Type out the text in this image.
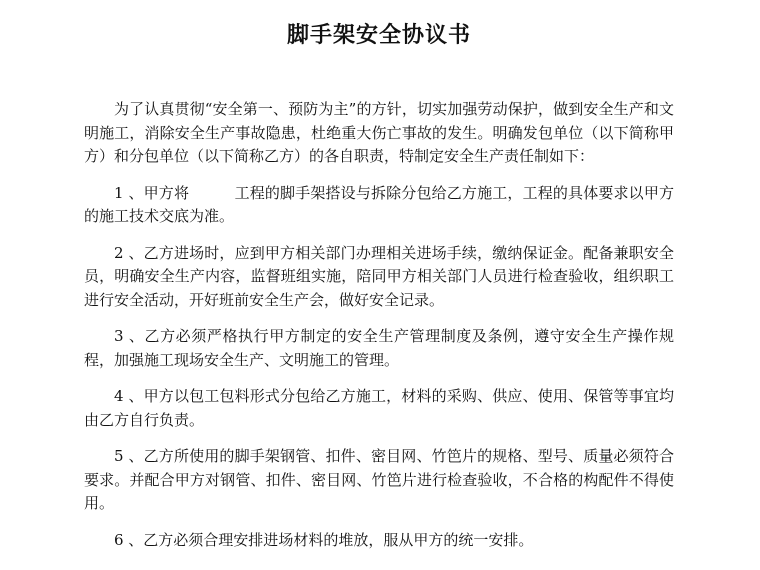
脚手架安全协议书

为了认真贯彻“安全第一、预防为主”的方针，切实加强劳动保护，做到安全生产和文明施工，消除安全生产事故隐患，杜绝重大伤亡事故的发生。明确发包单位（以下简称甲方）和分包单位（以下简称乙方）的各自职责，特制定安全生产责任制如下：

1 、甲方将　　　工程的脚手架搭设与拆除分包给乙方施工，工程的具体要求以甲方的施工技术交底为准。

2 、乙方进场时，应到甲方相关部门办理相关进场手续，缴纳保证金。配备兼职安全员，明确安全生产内容，监督班组实施，陪同甲方相关部门人员进行检查验收，组织职工进行安全活动，开好班前安全生产会，做好安全记录。

3 、乙方必须严格执行甲方制定的安全生产管理制度及条例，遵守安全生产操作规程，加强施工现场安全生产、文明施工的管理。

4 、甲方以包工包料形式分包给乙方施工，材料的采购、供应、使用、保管等事宜均由乙方自行负责。

5 、乙方所使用的脚手架钢管、扣件、密目网、竹笆片的规格、型号、质量必须符合要求。并配合甲方对钢管、扣件、密目网、竹笆片进行检查验收，不合格的构配件不得使用。

6 、乙方必须合理安排进场材料的堆放，服从甲方的统一安排。
